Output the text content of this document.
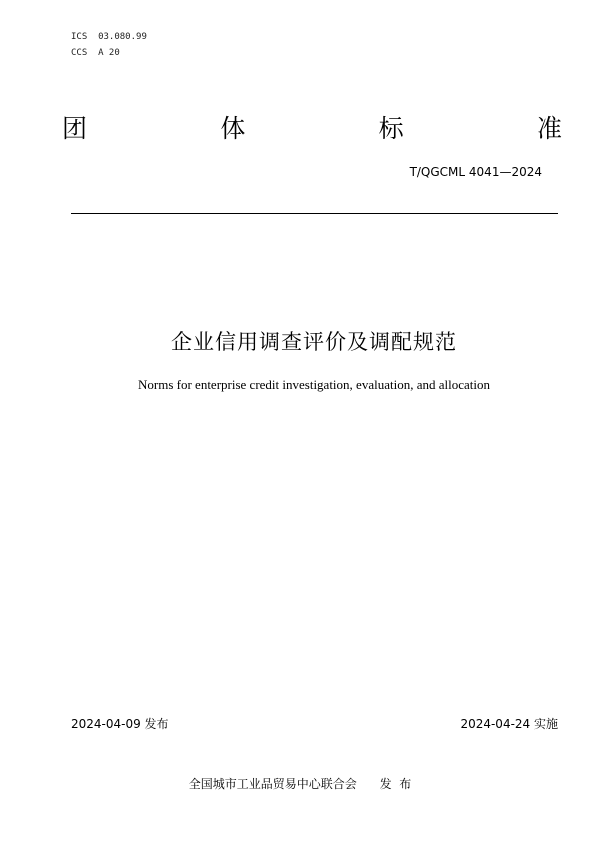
ICS  03.080.99
CCS  A 20
团	体	标	准
T/QGCML 4041—2024
企业信用调查评价及调配规范
Norms for enterprise credit investigation, evaluation, and allocation
2024-04-09 发布	2024-04-24 实施
全国城市工业品贸易中心联合会 发  布
